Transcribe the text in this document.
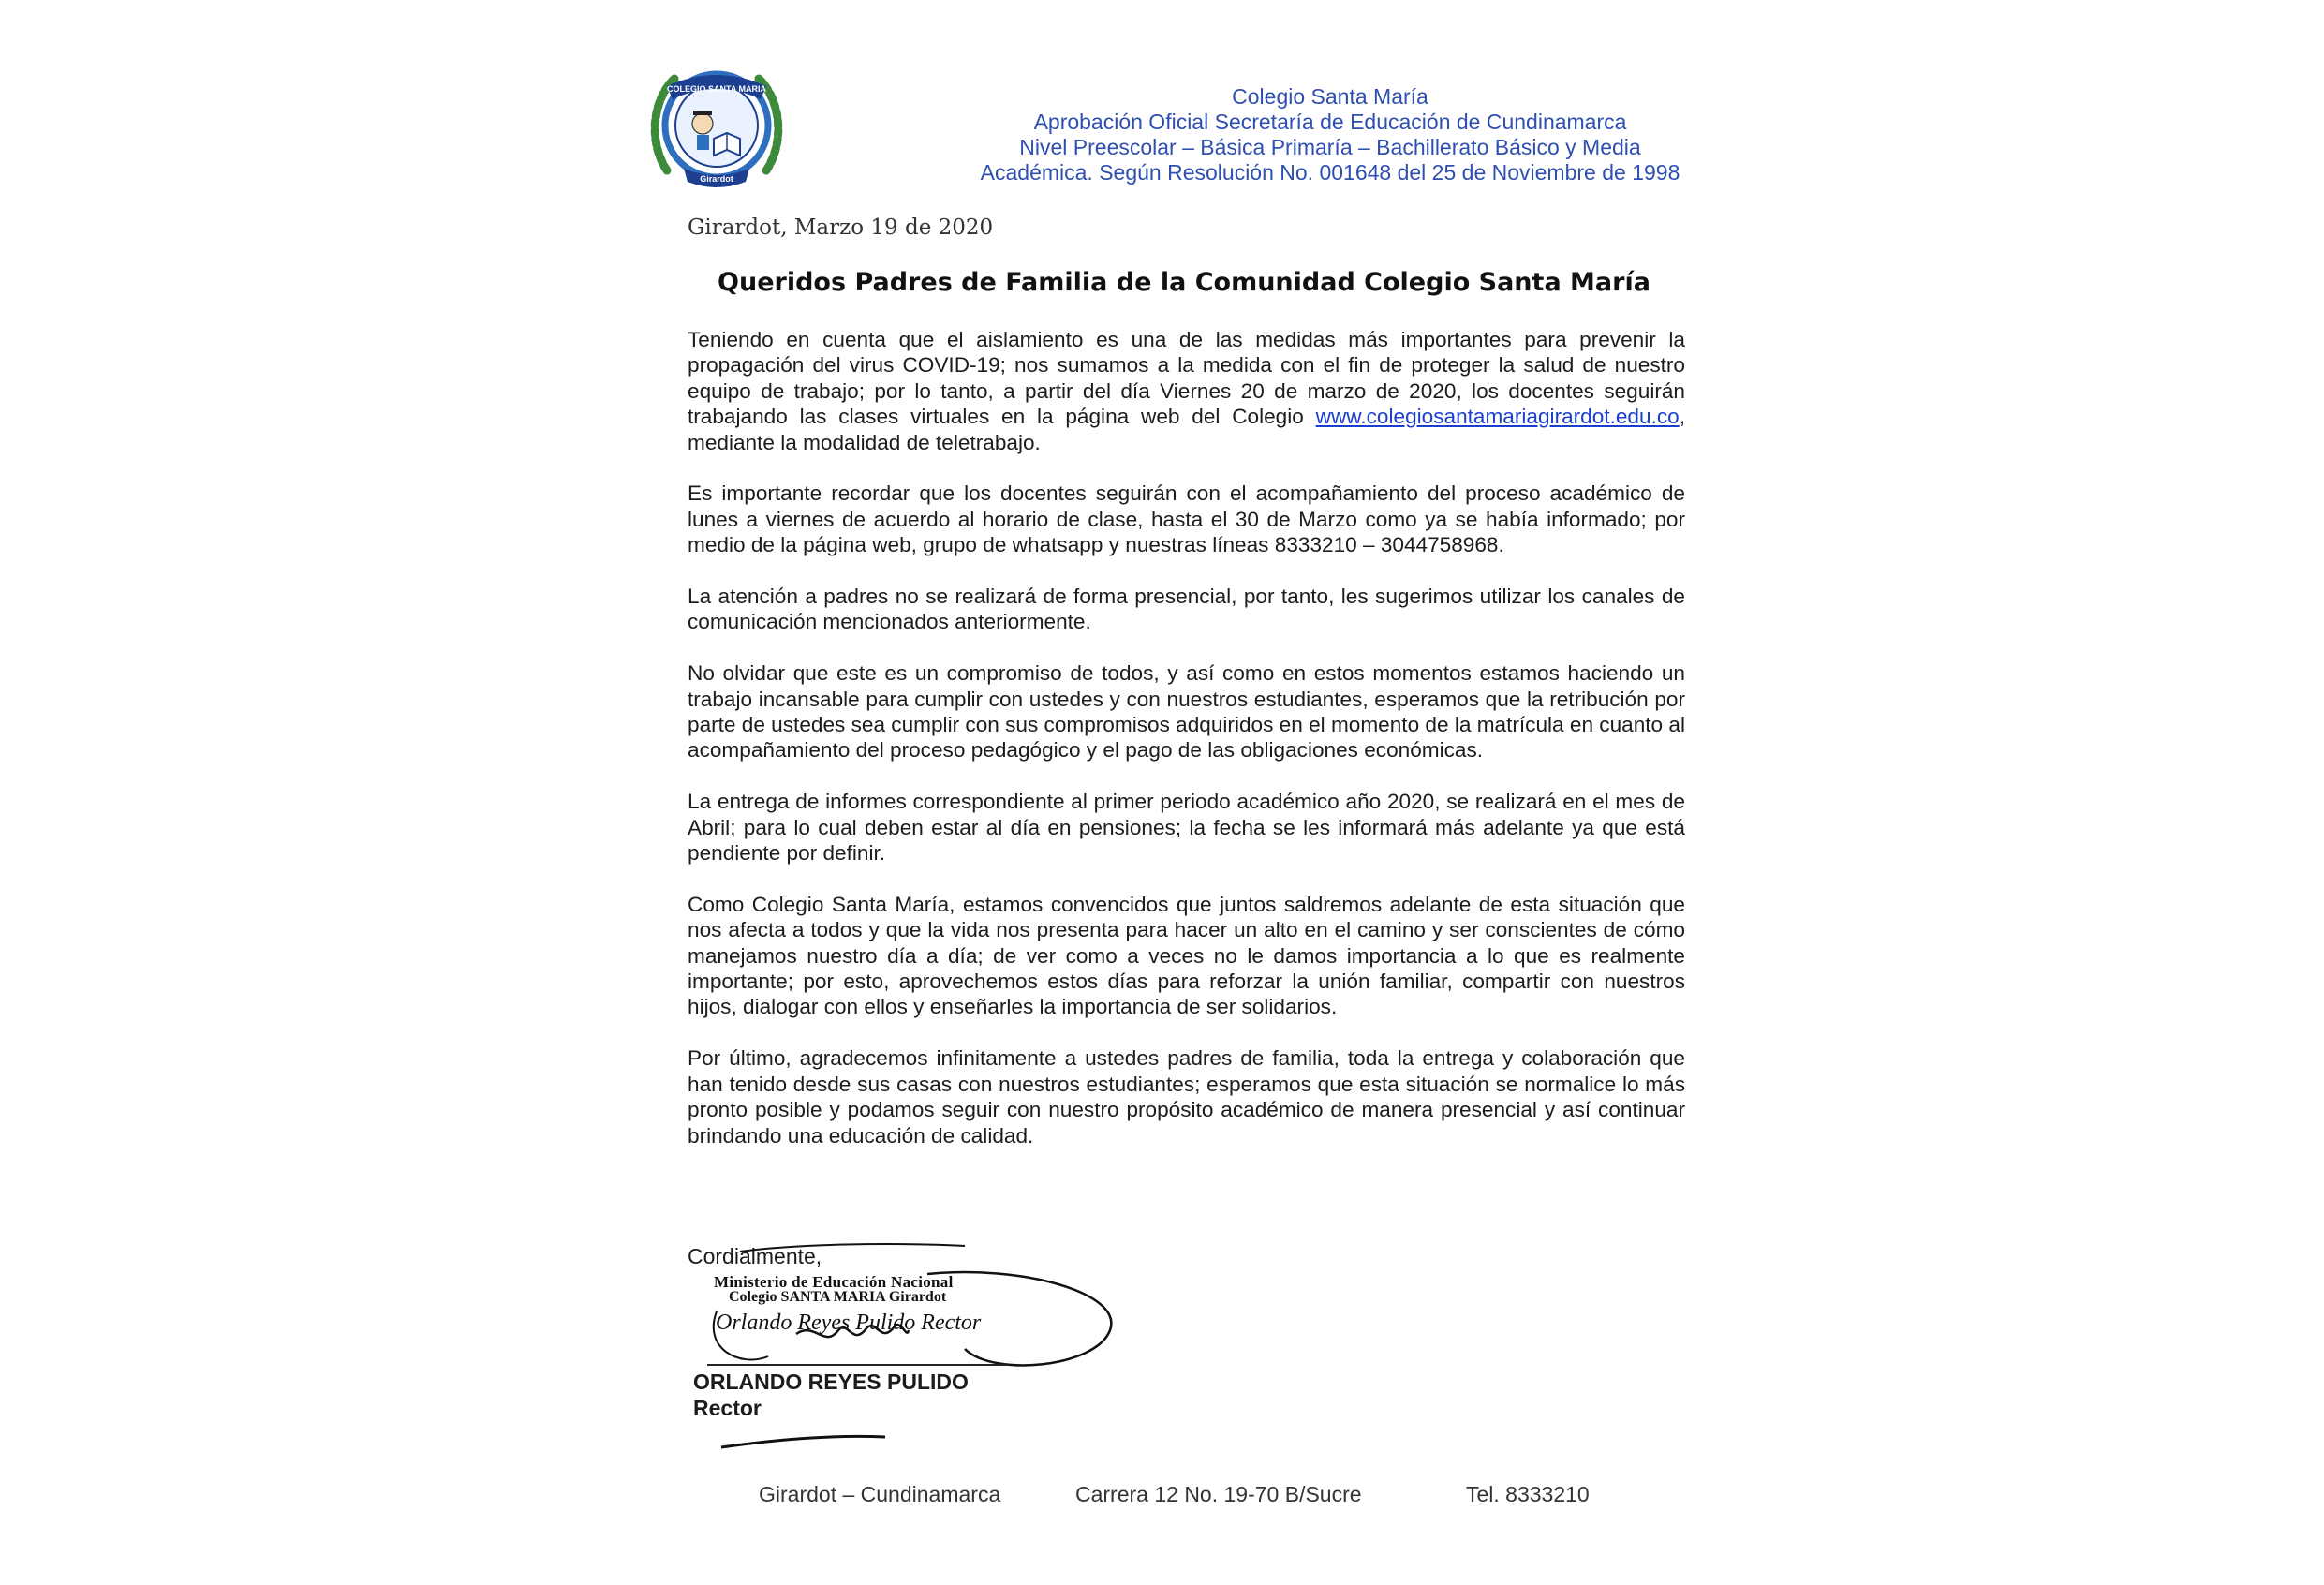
COLEGIO SANTA MARIA
Girardot
Colegio Santa María
Aprobación Oficial Secretaría de Educación de Cundinamarca
Nivel Preescolar – Básica Primaría – Bachillerato Básico y Media
Académica. Según Resolución No. 001648 del 25 de Noviembre de 1998
Girardot, Marzo 19 de 2020
Queridos Padres de Familia de la Comunidad Colegio Santa María

Teniendo en cuenta que el aislamiento es una de las medidas más importantes para prevenir la propagación del virus COVID-19; nos sumamos a la medida con el fin de proteger la salud de nuestro equipo de trabajo; por lo tanto, a partir del día Viernes 20 de marzo de 2020, los docentes seguirán trabajando las clases virtuales en la página web del Colegio www.colegiosantamariagirardot.edu.co, mediante la modalidad de teletrabajo.

Es importante recordar que los docentes seguirán con el acompañamiento del proceso académico de lunes a viernes de acuerdo al horario de clase, hasta el 30 de Marzo como ya se había informado; por medio de la página web, grupo de whatsapp y nuestras líneas 8333210 – 3044758968.

La atención a padres no se realizará de forma presencial, por tanto, les sugerimos utilizar los canales de comunicación mencionados anteriormente.

No olvidar que este es un compromiso de todos, y así como en estos momentos estamos haciendo un trabajo incansable para cumplir con ustedes y con nuestros estudiantes, esperamos que la retribución por parte de ustedes sea cumplir con sus compromisos adquiridos en el momento de la matrícula en cuanto al acompañamiento del proceso pedagógico y el pago de las obligaciones económicas.

La entrega de informes correspondiente al primer periodo académico año 2020, se realizará en el mes de Abril; para lo cual deben estar al día en pensiones; la fecha se les informará más adelante ya que está pendiente por definir.

Como Colegio Santa María, estamos convencidos que juntos saldremos adelante de esta situación que nos afecta a todos y que la vida nos presenta para hacer un alto en el camino y ser conscientes de cómo manejamos nuestro día a día; de ver como a veces no le damos importancia a lo que es realmente importante; por esto, aprovechemos estos días para reforzar la unión familiar, compartir con nuestros hijos, dialogar con ellos y enseñarles la importancia de ser solidarios.

Por último, agradecemos infinitamente a ustedes padres de familia, toda la entrega y colaboración que han tenido desde sus casas con nuestros estudiantes; esperamos que esta situación se normalice lo más pronto posible y podamos seguir con nuestro propósito académico de manera presencial y así continuar brindando una educación de calidad.

Cordialmente,
Ministerio de Educación Nacional
Colegio SANTA MARIA Girardot
Orlando Reyes Pulido Rector
ORLANDO REYES PULIDO
Rector
Girardot – Cundinamarca	Carrera 12 No. 19-70 B/Sucre	Tel. 8333210
